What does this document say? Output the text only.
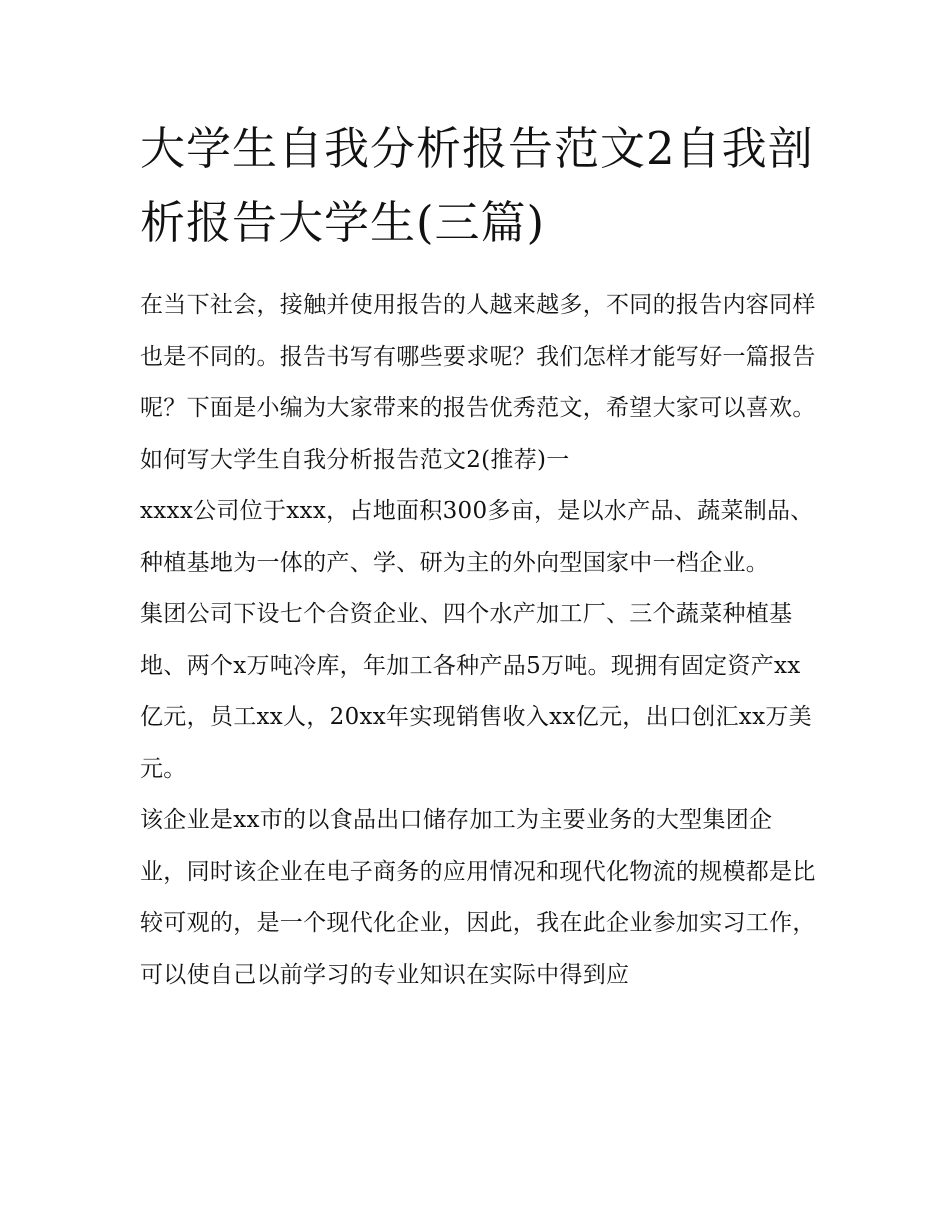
大学生自我分析报告范文2自我剖析报告大学生(三篇)

在当下社会，接触并使用报告的人越来越多，不同的报告内容同样也是不同的。报告书写有哪些要求呢？我们怎样才能写好一篇报告呢？下面是小编为大家带来的报告优秀范文，希望大家可以喜欢。

如何写大学生自我分析报告范文2(推荐)一

xxxx公司位于xxx，占地面积300多亩，是以水产品、蔬菜制品、种植基地为一体的产、学、研为主的外向型国家中一档企业。

集团公司下设七个合资企业、四个水产加工厂、三个蔬菜种植基地、两个x万吨冷库，年加工各种产品5万吨。现拥有固定资产xx亿元，员工xx人，20xx年实现销售收入xx亿元，出口创汇xx万美元。

该企业是xx市的以食品出口储存加工为主要业务的大型集团企业，同时该企业在电子商务的应用情况和现代化物流的规模都是比较可观的，是一个现代化企业，因此，我在此企业参加实习工作，可以使自己以前学习的专业知识在实际中得到应
